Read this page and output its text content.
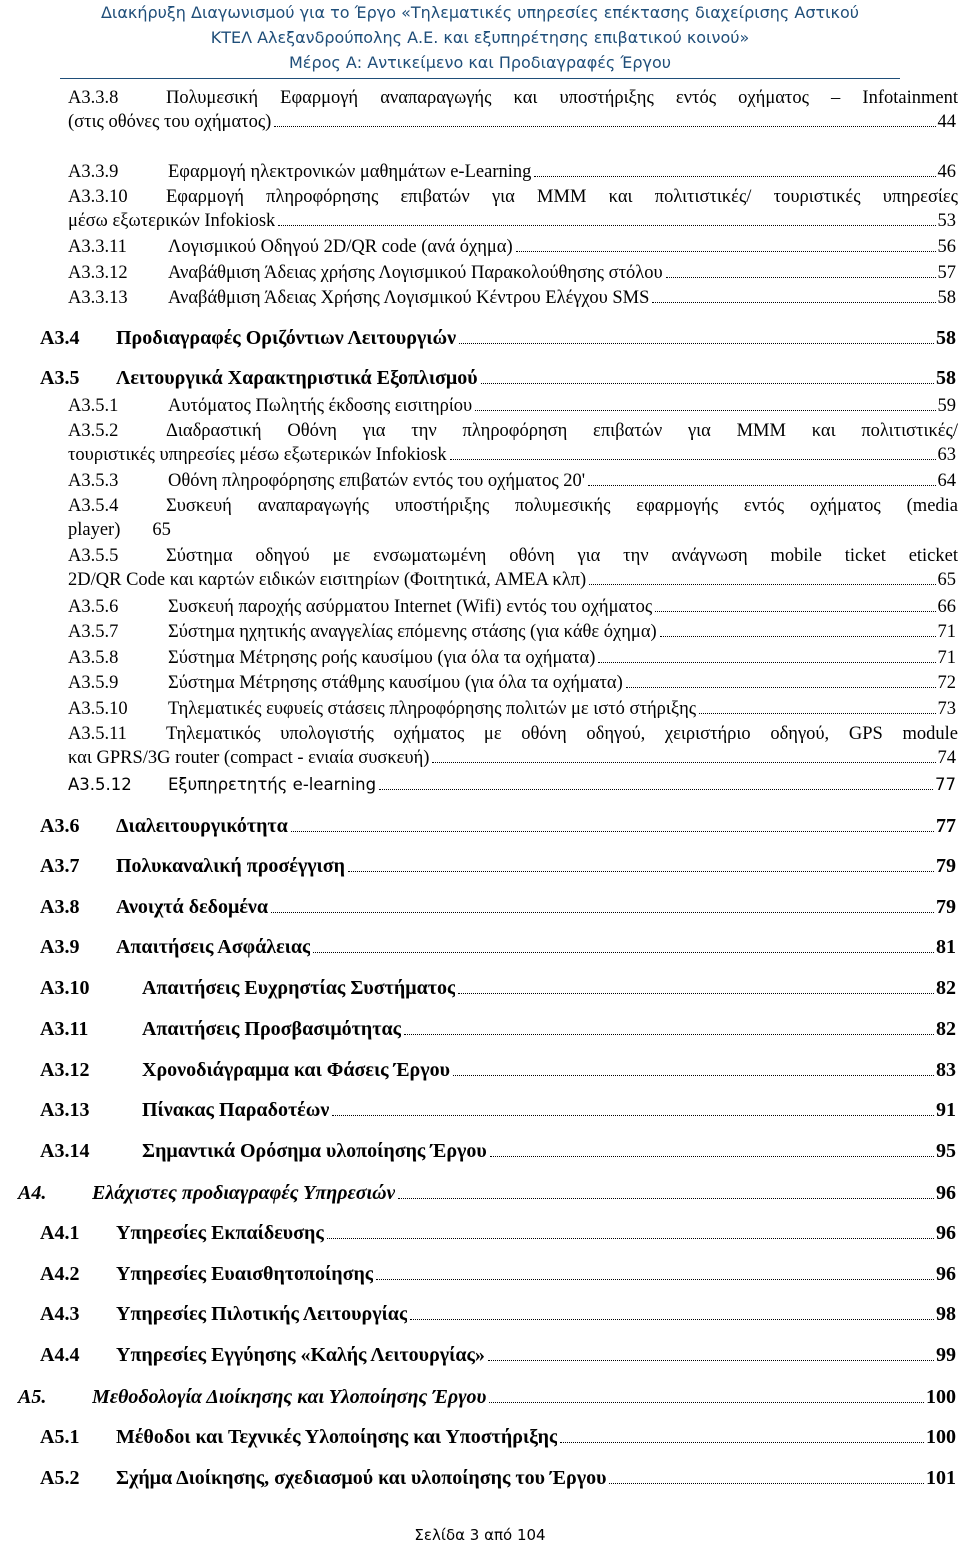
Διακήρυξη Διαγωνισμού για το Έργο «Τηλεματικές υπηρεσίες επέκτασης διαχείρισης Αστικού
ΚΤΕΛ Αλεξανδρούπολης Α.Ε. και εξυπηρέτησης επιβατικού κοινού»
Μέρος Α: Αντικείμενο και Προδιαγραφές Έργου
A3.3.8	Πολυμεσική Εφαρμογή αναπαραγωγής και υποστήριξης εντός οχήματος – Infotainment
(στις οθόνες του οχήματος)	44
A3.3.9	Εφαρμογή ηλεκτρονικών μαθημάτων e-Learning	46
A3.3.10 Εφαρμογή πληροφόρησης επιβατών για ΜΜΜ και πολιτιστικές/ τουριστικές υπηρεσίες
μέσω εξωτερικών Infokiosk	53
A3.3.11	Λογισμικού Οδηγού 2D/QR code (ανά όχημα)	56
A3.3.12	Αναβάθμιση Άδειας χρήσης Λογισμικού Παρακολούθησης στόλου	57
A3.3.13	Αναβάθμιση Άδειας Χρήσης Λογισμικού Κέντρου Ελέγχου SMS	58
A3.4	Προδιαγραφές Οριζόντιων Λειτουργιών	58
A3.5	Λειτουργικά Χαρακτηριστικά Εξοπλισμού	58
A3.5.1	Αυτόματος Πωλητής έκδοσης εισιτηρίου	59
A3.5.2	Διαδραστική Οθόνη για την πληροφόρηση επιβατών για ΜΜΜ και πολιτιστικές/
τουριστικές υπηρεσίες μέσω εξωτερικών Infokiosk	63
A3.5.3	Οθόνη πληροφόρησης επιβατών εντός του οχήματος 20'	64
A3.5.4	Συσκευή αναπαραγωγής υποστήριξης πολυμεσικής εφαρμογής εντός οχήματος (media
player) 65
A3.5.5	Σύστημα οδηγού με ενσωματωμένη οθόνη για την ανάγνωση mobile ticket eticket
2D/QR Code και καρτών ειδικών εισιτηρίων (Φοιτητικά, ΑΜΕΑ κλπ)	65
A3.5.6	Συσκευή παροχής ασύρματου Internet (Wifi) εντός του οχήματος	66
A3.5.7	Σύστημα ηχητικής αναγγελίας επόμενης στάσης (για κάθε όχημα)	71
A3.5.8	Σύστημα Μέτρησης ροής καυσίμου (για όλα τα οχήματα)	71
A3.5.9	Σύστημα Μέτρησης στάθμης καυσίμου (για όλα τα οχήματα)	72
A3.5.10	Τηλεματικές ευφυείς στάσεις πληροφόρησης πολιτών με ιστό στήριξης	73
A3.5.11 Τηλεματικός υπολογιστής οχήματος με οθόνη οδηγού, χειριστήριο οδηγού, GPS module
και GPRS/3G router (compact - ενιαία συσκευή)	74
A3.5.12	Εξυπηρετητής e-learning	77
A3.6	Διαλειτουργικότητα	77
A3.7	Πολυκαναλική προσέγγιση	79
A3.8	Ανοιχτά δεδομένα	79
A3.9	Απαιτήσεις Ασφάλειας	81
A3.10	Απαιτήσεις Ευχρηστίας Συστήματος	82
A3.11	Απαιτήσεις Προσβασιμότητας	82
A3.12	Χρονοδιάγραμμα και Φάσεις Έργου	83
A3.13	Πίνακας Παραδοτέων	91
A3.14	Σημαντικά Ορόσημα υλοποίησης Έργου	95
A4.	Ελάχιστες προδιαγραφές Υπηρεσιών	96
A4.1	Υπηρεσίες Εκπαίδευσης	96
A4.2	Υπηρεσίες Ευαισθητοποίησης	96
A4.3	Υπηρεσίες Πιλοτικής Λειτουργίας	98
A4.4	Υπηρεσίες Εγγύησης «Καλής Λειτουργίας»	99
A5.	Μεθοδολογία Διοίκησης και Υλοποίησης Έργου	100
A5.1	Μέθοδοι και Τεχνικές Υλοποίησης και Υποστήριξης	100
A5.2	Σχήμα Διοίκησης, σχεδιασμού και υλοποίησης του Έργου	101
Σελίδα 3 από 104
